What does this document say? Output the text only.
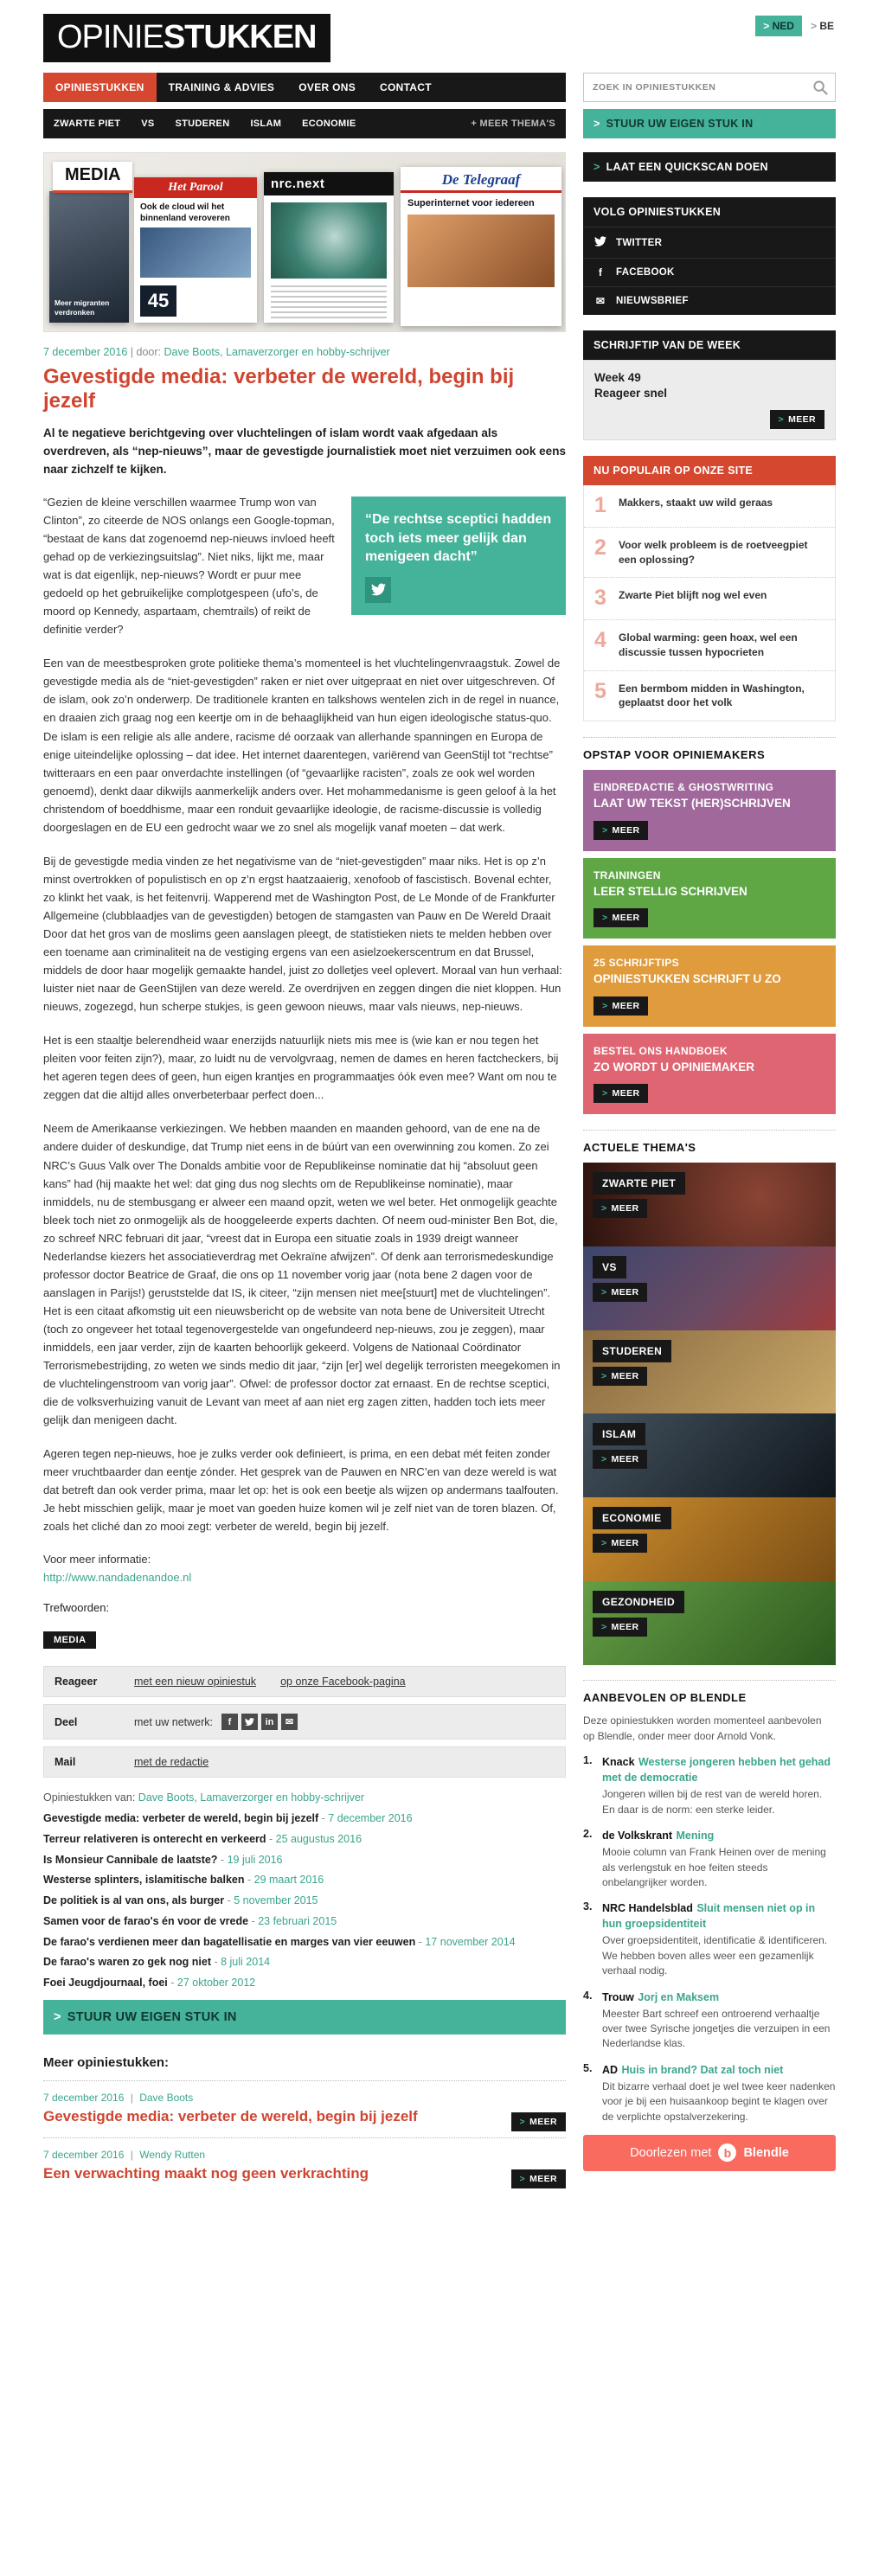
OPINIESTUKKEN	> NED	> BE
OPINIESTUKKEN	TRAINING & ADVIES	OVER ONS	CONTACT
ZOEK IN OPINIESTUKKEN
ZWARTE PIET	VS	STUDEREN	ISLAM	ECONOMIE	+ MEER THEMA'S	> STUUR UW EIGEN STUK IN
MEDIA
Meer migranten verdronken
Het Parool
Ook de cloud wil het binnenland veroveren
45
nrc.next	De Telegraaf
Superinternet voor iedereen
7 december 2016 | door: Dave Boots, Lamaverzorger en hobby-schrijver
Gevestigde media: verbeter de wereld, begin bij jezelf

Al te negatieve berichtgeving over vluchtelingen of islam wordt vaak afgedaan als overdreven, als “nep-nieuws”, maar de gevestigde journalistiek moet niet verzuimen ook eens naar zichzelf te kijken.

“De rechtse sceptici hadden toch iets meer gelijk dan menigeen dacht”

“Gezien de kleine verschillen waarmee Trump won van Clinton”, zo citeerde de NOS onlangs een Google-topman, “bestaat de kans dat zogenoemd nep-nieuws invloed heeft gehad op de verkiezingsuitslag”. Niet niks, lijkt me, maar wat is dat eigenlijk, nep-nieuws? Wordt er puur mee gedoeld op het gebruikelijke complotgespeen (ufo’s, de moord op Kennedy, aspartaam, chemtrails) of reikt de definitie verder?

Een van de meestbesproken grote politieke thema’s momenteel is het vluchtelingenvraagstuk. Zowel de gevestigde media als de “niet-gevestigden” raken er niet over uitgepraat en niet over uitgeschreven. Of de islam, ook zo’n onderwerp. De traditionele kranten en talkshows wentelen zich in de regel in nuance, en draaien zich graag nog een keertje om in de behaaglijkheid van hun eigen ideologische status-quo. De islam is een religie als alle andere, racisme dé oorzaak van allerhande spanningen en Europa de enige uiteindelijke oplossing – dat idee. Het internet daarentegen, variërend van GeenStijl tot “rechtse” twitteraars en een paar onverdachte instellingen (of “gevaarlijke racisten”, zoals ze ook wel worden genoemd), denkt daar dikwijls aanmerkelijk anders over. Het mohammedanisme is geen geloof à la het christendom of boeddhisme, maar een ronduit gevaarlijke ideologie, de racisme-discussie is volledig doorgeslagen en de EU een gedrocht waar we zo snel als mogelijk vanaf moeten – dat werk.

Bij de gevestigde media vinden ze het negativisme van de “niet-gevestigden” maar niks. Het is op z’n minst overtrokken of populistisch en op z’n ergst haatzaaierig, xenofoob of fascistisch. Bovenal echter, zo klinkt het vaak, is het feitenvrij. Wapperend met de Washington Post, de Le Monde of de Frankfurter Allgemeine (clubblaadjes van de gevestigden) betogen de stamgasten van Pauw en De Wereld Draait Door dat het gros van de moslims geen aanslagen pleegt, de statistieken niets te melden hebben over een toename aan criminaliteit na de vestiging ergens van een asielzoekerscentrum en dat Brussel, middels de door haar mogelijk gemaakte handel, juist zo dolletjes veel oplevert. Moraal van hun verhaal: luister niet naar de GeenStijlen van deze wereld. Ze overdrijven en zeggen dingen die niet kloppen. Hun nieuws, zogezegd, hun scherpe stukjes, is geen gewoon nieuws, maar vals nieuws, nep-nieuws.

Het is een staaltje belerendheid waar enerzijds natuurlijk niets mis mee is (wie kan er nou tegen het pleiten voor feiten zijn?), maar, zo luidt nu de vervolgvraag, nemen de dames en heren factcheckers, bij het ageren tegen dees of geen, hun eigen krantjes en programmaatjes óók even mee? Want om nou te zeggen dat die altijd alles onverbeterbaar perfect doen...

Neem de Amerikaanse verkiezingen. We hebben maanden en maanden gehoord, van de ene na de andere duider of deskundige, dat Trump niet eens in de búúrt van een overwinning zou komen. Zo zei NRC’s Guus Valk over The Donalds ambitie voor de Republikeinse nominatie dat hij “absoluut geen kans” had (hij maakte het wel: dat ging dus nog slechts om de Republikeinse nominatie), maar inmiddels, nu de stembusgang er alweer een maand opzit, weten we wel beter. Het onmogelijk geachte bleek toch niet zo onmogelijk als de hooggeleerde experts dachten. Of neem oud-minister Ben Bot, die, zo schreef NRC februari dit jaar, “vreest dat in Europa een situatie zoals in 1939 dreigt wanneer Nederlandse kiezers het associatieverdrag met Oekraïne afwijzen”. Of denk aan terrorismedeskundige professor doctor Beatrice de Graaf, die ons op 11 november vorig jaar (nota bene 2 dagen voor de aanslagen in Parijs!) geruststelde dat IS, ik citeer, “zijn mensen niet mee[stuurt] met de vluchtelingen”. Het is een citaat afkomstig uit een nieuwsbericht op de website van nota bene de Universiteit Utrecht (toch zo ongeveer het totaal tegenovergestelde van ongefundeerd nep-nieuws, zou je zeggen), maar inmiddels, een jaar verder, zijn de kaarten behoorlijk gekeerd. Volgens de Nationaal Coördinator Terrorismebestrijding, zo weten we sinds medio dit jaar, “zijn [er] wel degelijk terroristen meegekomen in de vluchtelingenstroom van vorig jaar”. Ofwel: de professor doctor zat ernaast. En de rechtse sceptici, die de volksverhuizing vanuit de Levant van meet af aan niet erg zagen zitten, hadden toch iets meer gelijk dan menigeen dacht.

Ageren tegen nep-nieuws, hoe je zulks verder ook definieert, is prima, en een debat mét feiten zonder meer vruchtbaarder dan eentje zónder. Het gesprek van de Pauwen en NRC’en van deze wereld is wat dat betreft dan ook verder prima, maar let op: het is ook een beetje als wijzen op andermans taalfouten. Je hebt misschien gelijk, maar je moet van goeden huize komen wil je zelf niet van de toren blazen. Of, zoals het cliché dan zo mooi zegt: verbeter de wereld, begin bij jezelf.

Voor meer informatie:
http://www.nandadenandoe.nl

Trefwoorden:
MEDIA
Reageer	met een nieuw opiniestuk op onze Facebook-pagina
Deel	met uw netwerk:	f	in	✉
Mail	met de redactie
Opiniestukken van: Dave Boots, Lamaverzorger en hobby-schrijver
Gevestigde media: verbeter de wereld, begin bij jezelf - 7 december 2016
Terreur relativeren is onterecht en verkeerd - 25 augustus 2016
Is Monsieur Cannibale de laatste? - 19 juli 2016
Westerse splinters, islamitische balken - 29 maart 2016
De politiek is al van ons, als burger - 5 november 2015
Samen voor de farao's én voor de vrede - 23 februari 2015
De farao's verdienen meer dan bagatellisatie en marges van vier eeuwen - 17 november 2014
De farao's waren zo gek nog niet - 8 juli 2014
Foei Jeugdjournaal, foei - 27 oktober 2012
> STUUR UW EIGEN STUK IN
Meer opiniestukken:
7 december 2016 | Dave Boots
Gevestigde media: verbeter de wereld, begin bij jezelf	> MEER
7 december 2016 | Wendy Rutten
Een verwachting maakt nog geen verkrachting	> MEER
> LAAT EEN QUICKSCAN DOEN
VOLG OPINIESTUKKEN
TWITTER
f	FACEBOOK
✉ NIEUWSBRIEF
SCHRIJFTIP VAN DE WEEK
Week 49
Reageer snel
> MEER
NU POPULAIR OP ONZE SITE
1 Makkers, staakt uw wild geraas
2 Voor welk probleem is de roetveegpiet een oplossing?
3 Zwarte Piet blijft nog wel even
4 Global warming: geen hoax, wel een discussie tussen hypocrieten
5 Een bermbom midden in Washington, geplaatst door het volk
OPSTAP VOOR OPINIEMAKERS
EINDREDACTIE & GHOSTWRITING
LAAT UW TEKST (HER)SCHRIJVEN
> MEER
TRAININGEN
LEER STELLIG SCHRIJVEN
> MEER
25 SCHRIJFTIPS
OPINIESTUKKEN SCHRIJFT U ZO
> MEER
BESTEL ONS HANDBOEK
ZO WORDT U OPINIEMAKER
> MEER
ACTUELE THEMA'S
ZWARTE PIET
> MEER
VS
> MEER
STUDEREN
> MEER
ISLAM
> MEER
ECONOMIE
> MEER
GEZONDHEID
> MEER
AANBEVOLEN OP BLENDLE

Deze opiniestukken worden momenteel aanbevolen op Blendle, onder meer door Arnold Vonk.

1. Knack Westerse jongeren hebben het gehad met de democratie
Jongeren willen bij de rest van de wereld horen. En daar is de norm: een sterke leider.
2. de Volkskrant Mening
Mooie column van Frank Heinen over de mening als verlengstuk en hoe feiten steeds onbelangrijker worden.
3. NRC Handelsblad Sluit mensen niet op in hun groepsidentiteit
Over groepsidentiteit, identificatie & identificeren. We hebben boven alles weer een gezamenlijk verhaal nodig.
4. Trouw Jorj en Maksem
Meester Bart schreef een ontroerend verhaaltje over twee Syrische jongetjes die verzuipen in een Nederlandse klas.
5. AD Huis in brand? Dat zal toch niet
Dit bizarre verhaal doet je wel twee keer nadenken voor je bij een huisaankoop begint te klagen over de verplichte opstalverzekering.
Doorlezen met	b Blendle
